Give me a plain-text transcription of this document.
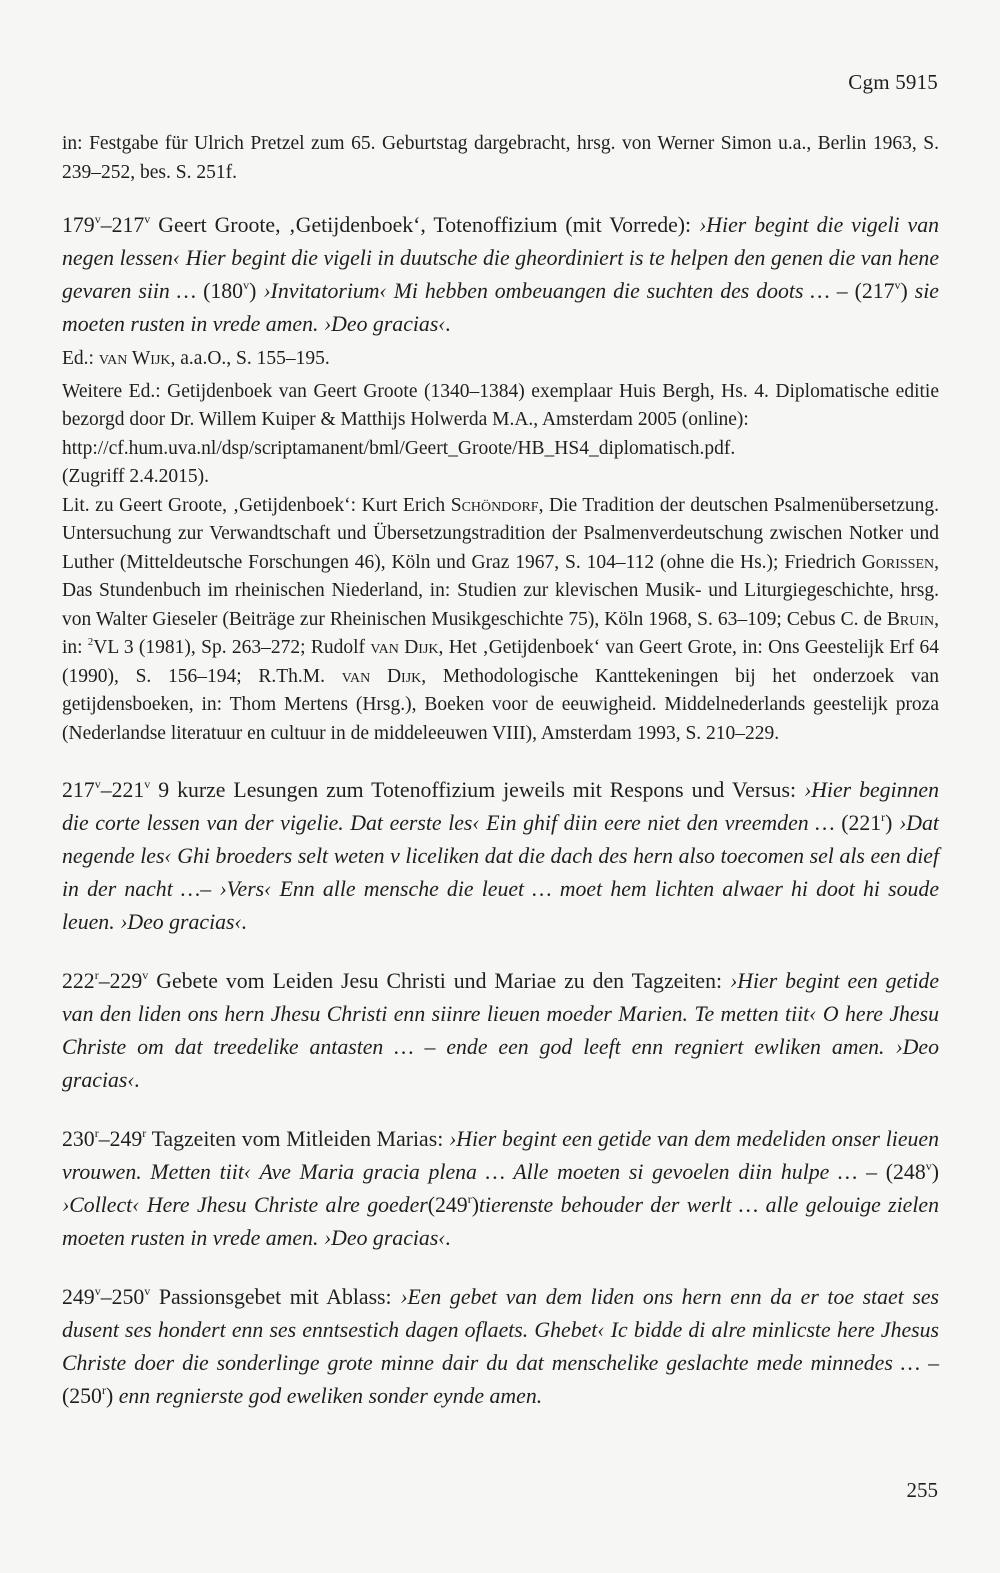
Cgm 5915

in: Festgabe für Ulrich Pretzel zum 65. Geburtstag dargebracht, hrsg. von Werner Simon u.a., Berlin 1963, S. 239–252, bes. S. 251f.

179$^v$–217$^v$ Geert Groote, ‚Getijdenboek‘, Totenoffizium (mit Vorrede): ›Hier begint die vigeli van negen lessen‹ Hier begint die vigeli in duutsche die gheordiniert is te helpen den genen die van hene gevaren siin … (180$^v$) ›Invitatorium‹ Mi hebben ombeuangen die suchten des doots … – (217$^v$) sie moeten rusten in vrede amen. ›Deo gracias‹.

Ed.: van Wijk, a.a.O., S. 155–195.

Weitere Ed.: Getijdenboek van Geert Groote (1340–1384) exemplaar Huis Bergh, Hs. 4. Diplomatische editie bezorgd door Dr. Willem Kuiper & Matthijs Holwerda M.A., Amsterdam 2005 (online):

http://cf.hum.uva.nl/dsp/scriptamanent/bml/Geert_Groote/HB_HS4_diplomatisch.pdf.

(Zugriff 2.4.2015).

Lit. zu Geert Groote, ‚Getijdenboek‘: Kurt Erich Schöndorf, Die Tradition der deutschen Psalmenübersetzung. Untersuchung zur Verwandtschaft und Übersetzungstradition der Psalmenverdeutschung zwischen Notker und Luther (Mitteldeutsche Forschungen 46), Köln und Graz 1967, S. 104–112 (ohne die Hs.); Friedrich Gorissen, Das Stundenbuch im rheinischen Niederland, in: Studien zur klevischen Musik- und Liturgiegeschichte, hrsg. von Walter Gieseler (Beiträge zur Rheinischen Musikgeschichte 75), Köln 1968, S. 63–109; Cebus C. de Bruin, in: $^2$VL 3 (1981), Sp. 263–272; Rudolf van Dijk, Het ‚Getijdenboek‘ van Geert Grote, in: Ons Geestelijk Erf 64 (1990), S. 156–194; R.Th.M. van Dijk, Methodologische Kanttekeningen bij het onderzoek van getijdensboeken, in: Thom Mertens (Hrsg.), Boeken voor de eeuwigheid. Middelnederlands geestelijk proza (Nederlandse literatuur en cultuur in de middeleeuwen VIII), Amsterdam 1993, S. 210–229.

217$^v$–221$^v$ 9 kurze Lesungen zum Totenoffizium jeweils mit Respons und Versus: ›Hier beginnen die corte lessen van der vigelie. Dat eerste les‹ Ein ghif diin eere niet den vreemden … (221$^r$) ›Dat negende les‹ Ghi broeders selt weten v liceliken dat die dach des hern also toecomen sel als een dief in der nacht …– ›Vers‹ Enn alle mensche die leuet … moet hem lichten alwaer hi doot hi soude leuen. ›Deo gracias‹.

222$^r$–229$^v$ Gebete vom Leiden Jesu Christi und Mariae zu den Tagzeiten: ›Hier begint een getide van den liden ons hern Jhesu Christi enn siinre lieuen moeder Marien. Te metten tiit‹ O here Jhesu Christe om dat treedelike antasten … – ende een god leeft enn regniert ewliken amen. ›Deo gracias‹.

230$^r$–249$^r$ Tagzeiten vom Mitleiden Marias: ›Hier begint een getide van dem medeliden onser lieuen vrouwen. Metten tiit‹ Ave Maria gracia plena … Alle moeten si gevoelen diin hulpe … – (248$^v$) ›Collect‹ Here Jhesu Christe alre goeder(249$^r$)tierenste behouder der werlt … alle gelouige zielen moeten rusten in vrede amen. ›Deo gracias‹.

249$^v$–250$^v$ Passionsgebet mit Ablass: ›Een gebet van dem liden ons hern enn da er toe staet ses dusent ses hondert enn ses enntsestich dagen oflaets. Ghebet‹ Ic bidde di alre minlicste here Jhesus Christe doer die sonderlinge grote minne dair du dat menschelike geslachte mede minnedes … – (250$^r$) enn regnierste god eweliken sonder eynde amen.

255
